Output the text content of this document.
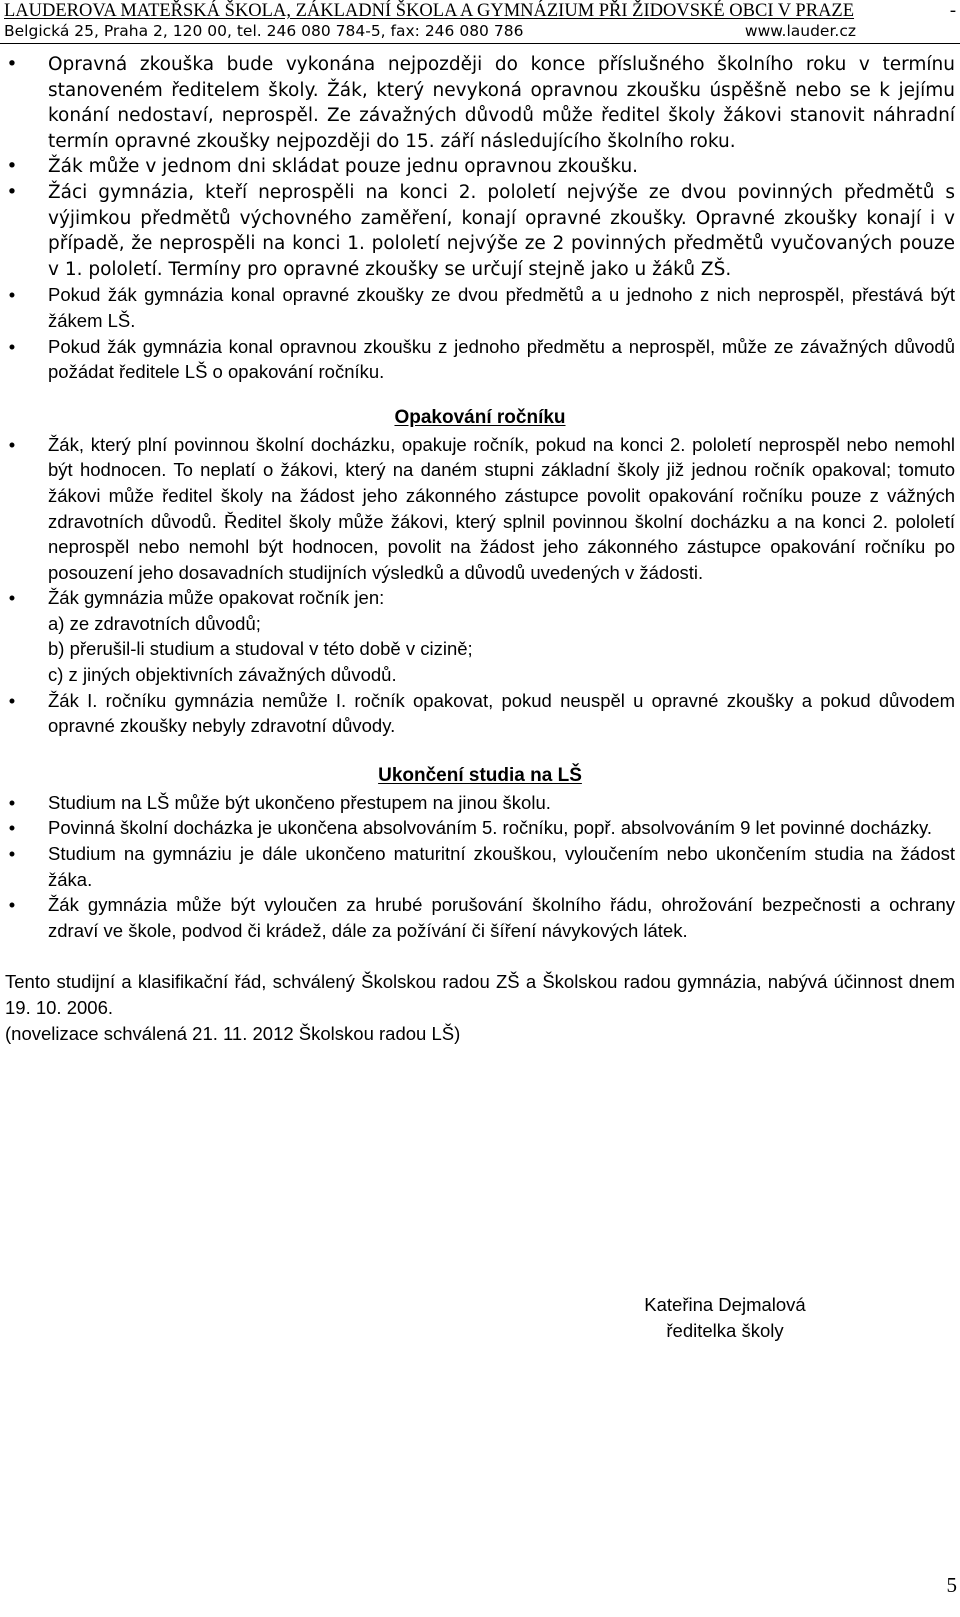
LAUDEROVA MATEŘSKÁ ŠKOLA, ZÁKLADNÍ ŠKOLA A GYMNÁZIUM PŘI ŽIDOVSKÉ OBCI V PRAZE	-
Belgická 25, Praha 2, 120 00, tel. 246 080 784-5, fax: 246 080 786	www.lauder.cz
• Opravná zkouška bude vykonána nejpozději do konce příslušného školního roku v termínu stanoveném ředitelem školy. Žák, který nevykoná opravnou zkoušku úspěšně nebo se k jejímu konání nedostaví, neprospěl. Ze závažných důvodů může ředitel školy žákovi stanovit náhradní termín opravné zkoušky nejpozději do 15. září následujícího školního roku.
• Žák může v jednom dni skládat pouze jednu opravnou zkoušku.
• Žáci gymnázia, kteří neprospěli na konci 2. pololetí nejvýše ze dvou povinných předmětů s výjimkou předmětů výchovného zaměření, konají opravné zkoušky. Opravné zkoušky konají i v případě, že neprospěli na konci 1. pololetí nejvýše ze 2 povinných předmětů vyučovaných pouze v 1. pololetí. Termíny pro opravné zkoušky se určují stejně jako u žáků ZŠ.
• Pokud žák gymnázia konal opravné zkoušky ze dvou předmětů a u jednoho z nich neprospěl, přestává být žákem LŠ.
• Pokud žák gymnázia konal opravnou zkoušku z jednoho předmětu a neprospěl, může ze závažných důvodů požádat ředitele LŠ o opakování ročníku.
Opakování ročníku
• Žák, který plní povinnou školní docházku, opakuje ročník, pokud na konci 2. pololetí neprospěl nebo nemohl být hodnocen. To neplatí o žákovi, který na daném stupni základní školy již jednou ročník opakoval; tomuto žákovi může ředitel školy na žádost jeho zákonného zástupce povolit opakování ročníku pouze z vážných zdravotních důvodů. Ředitel školy může žákovi, který splnil povinnou školní docházku a na konci 2. pololetí neprospěl nebo nemohl být hodnocen, povolit na žádost jeho zákonného zástupce opakování ročníku po posouzení jeho dosavadních studijních výsledků a důvodů uvedených v žádosti.
• Žák gymnázia může opakovat ročník jen:
a) ze zdravotních důvodů;
b) přerušil-li studium a studoval v této době v cizině;
c) z jiných objektivních závažných důvodů.
• Žák I. ročníku gymnázia nemůže I. ročník opakovat, pokud neuspěl u opravné zkoušky a pokud důvodem opravné zkoušky nebyly zdravotní důvody.
Ukončení studia na LŠ
• Studium na LŠ může být ukončeno přestupem na jinou školu.
• Povinná školní docházka je ukončena absolvováním 5. ročníku, popř. absolvováním 9 let povinné docházky.
• Studium na gymnáziu je dále ukončeno maturitní zkouškou, vyloučením nebo ukončením studia na žádost žáka.
• Žák gymnázia může být vyloučen za hrubé porušování školního řádu, ohrožování bezpečnosti a ochrany zdraví ve škole, podvod či krádež, dále za požívání či šíření návykových látek.
Tento studijní a klasifikační řád, schválený Školskou radou ZŠ a Školskou radou gymnázia, nabývá účinnost dnem 19. 10. 2006.
(novelizace schválená 21. 11. 2012 Školskou radou LŠ)
Kateřina Dejmalová
ředitelka školy
5
